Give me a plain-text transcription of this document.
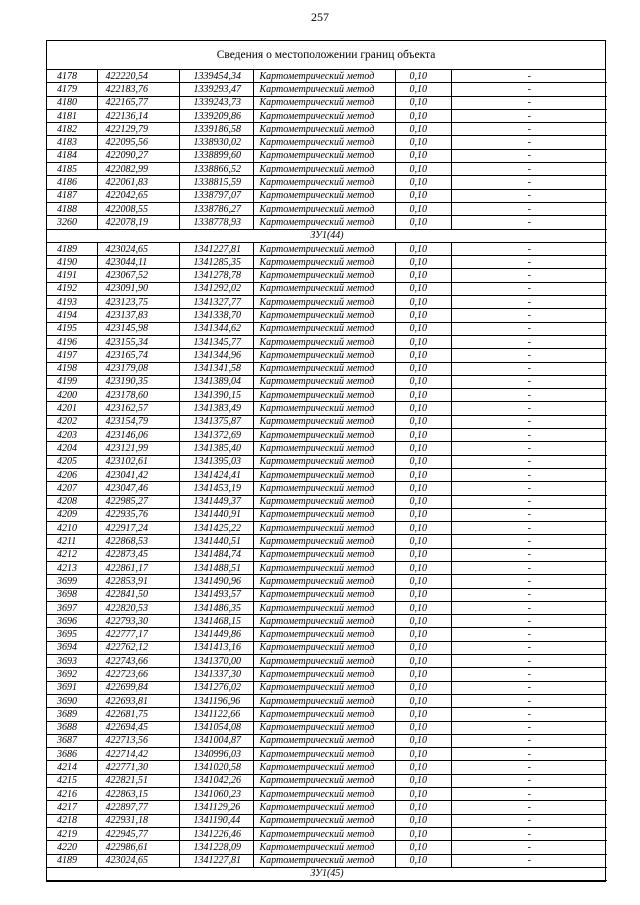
257
Сведения о местоположении границ объекта
4178	422220,54	1339454,34	Картометрический метод	0,10	-
4179	422183,76	1339293,47	Картометрический метод	0,10	-
4180	422165,77	1339243,73	Картометрический метод	0,10	-
4181	422136,14	1339209,86	Картометрический метод	0,10	-
4182	422129,79	1339186,58	Картометрический метод	0,10	-
4183	422095,56	1338930,02	Картометрический метод	0,10	-
4184	422090,27	1338899,60	Картометрический метод	0,10	-
4185	422082,99	1338866,52	Картометрический метод	0,10	-
4186	422061,83	1338815,59	Картометрический метод	0,10	-
4187	422042,65	1338797,07	Картометрический метод	0,10	-
4188	422008,55	1338786,27	Картометрический метод	0,10	-
3260	422078,19	1338778,93	Картометрический метод	0,10	-
ЗУ1(44)					
4189	423024,65	1341227,81	Картометрический метод	0,10	-
4190	423044,11	1341285,35	Картометрический метод	0,10	-
4191	423067,52	1341278,78	Картометрический метод	0,10	-
4192	423091,90	1341292,02	Картометрический метод	0,10	-
4193	423123,75	1341327,77	Картометрический метод	0,10	-
4194	423137,83	1341338,70	Картометрический метод	0,10	-
4195	423145,98	1341344,62	Картометрический метод	0,10	-
4196	423155,34	1341345,77	Картометрический метод	0,10	-
4197	423165,74	1341344,96	Картометрический метод	0,10	-
4198	423179,08	1341341,58	Картометрический метод	0,10	-
4199	423190,35	1341389,04	Картометрический метод	0,10	-
4200	423178,60	1341390,15	Картометрический метод	0,10	-
4201	423162,57	1341383,49	Картометрический метод	0,10	-
4202	423154,79	1341375,87	Картометрический метод	0,10	-
4203	423146,06	1341372,69	Картометрический метод	0,10	-
4204	423121,99	1341385,40	Картометрический метод	0,10	-
4205	423102,61	1341395,03	Картометрический метод	0,10	-
4206	423041,42	1341424,41	Картометрический метод	0,10	-
4207	423047,46	1341453,19	Картометрический метод	0,10	-
4208	422985,27	1341449,37	Картометрический метод	0,10	-
4209	422935,76	1341440,91	Картометрический метод	0,10	-
4210	422917,24	1341425,22	Картометрический метод	0,10	-
4211	422868,53	1341440,51	Картометрический метод	0,10	-
4212	422873,45	1341484,74	Картометрический метод	0,10	-
4213	422861,17	1341488,51	Картометрический метод	0,10	-
3699	422853,91	1341490,96	Картометрический метод	0,10	-
3698	422841,50	1341493,57	Картометрический метод	0,10	-
3697	422820,53	1341486,35	Картометрический метод	0,10	-
3696	422793,30	1341468,15	Картометрический метод	0,10	-
3695	422777,17	1341449,86	Картометрический метод	0,10	-
3694	422762,12	1341413,16	Картометрический метод	0,10	-
3693	422743,66	1341370,00	Картометрический метод	0,10	-
3692	422723,66	1341337,30	Картометрический метод	0,10	-
3691	422699,84	1341276,02	Картометрический метод	0,10	-
3690	422693,81	1341196,96	Картометрический метод	0,10	-
3689	422681,75	1341122,66	Картометрический метод	0,10	-
3688	422694,45	1341054,08	Картометрический метод	0,10	-
3687	422713,56	1341004,87	Картометрический метод	0,10	-
3686	422714,42	1340996,03	Картометрический метод	0,10	-
4214	422771,30	1341020,58	Картометрический метод	0,10	-
4215	422821,51	1341042,26	Картометрический метод	0,10	-
4216	422863,15	1341060,23	Картометрический метод	0,10	-
4217	422897,77	1341129,26	Картометрический метод	0,10	-
4218	422931,18	1341190,44	Картометрический метод	0,10	-
4219	422945,77	1341226,46	Картометрический метод	0,10	-
4220	422986,61	1341228,09	Картометрический метод	0,10	-
4189	423024,65	1341227,81	Картометрический метод	0,10	-
ЗУ1(45)					
